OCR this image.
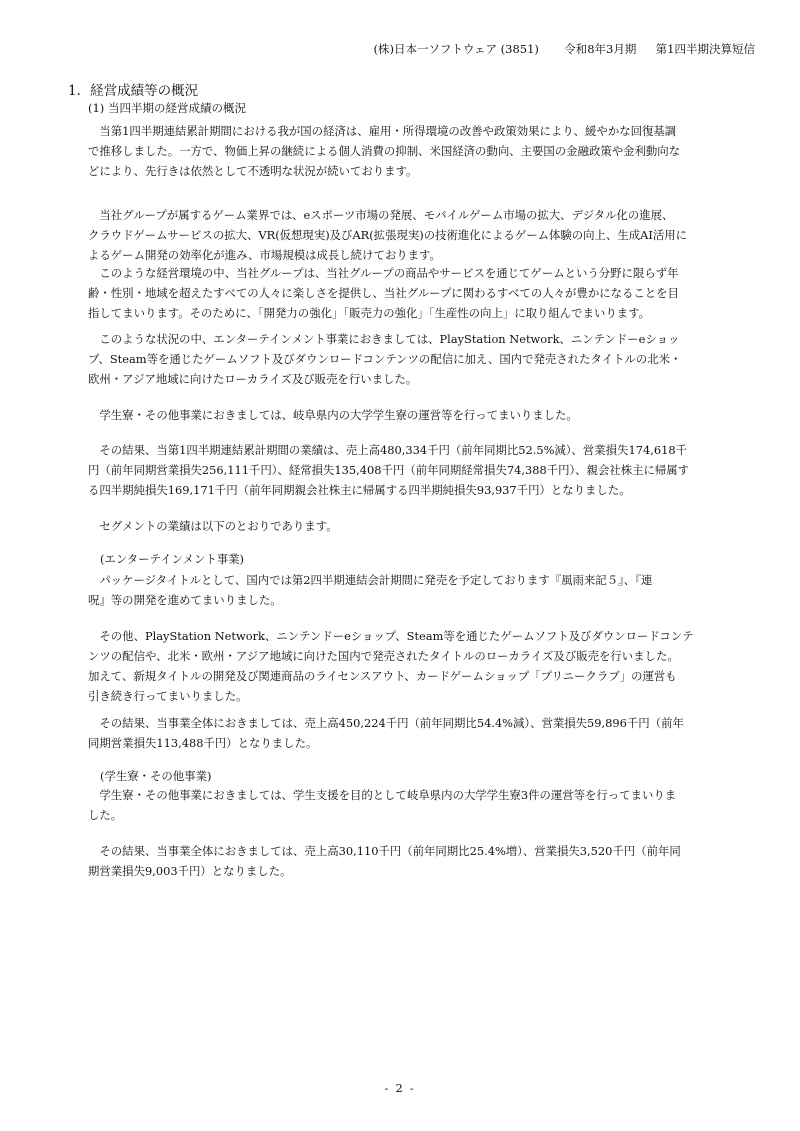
(株)日本一ソフトウェア (3851) 令和8年3月期 第1四半期決算短信
1．経営成績等の概況
(1) 当四半期の経営成績の概況

当第1四半期連結累計期間における我が国の経済は、雇用・所得環境の改善や政策効果により、緩やかな回復基調
で推移しました。一方で、物価上昇の継続による個人消費の抑制、米国経済の動向、主要国の金融政策や金利動向な
どにより、先行きは依然として不透明な状況が続いております。

当社グループが属するゲーム業界では、eスポーツ市場の発展、モバイルゲーム市場の拡大、デジタル化の進展、
クラウドゲームサービスの拡大、VR(仮想現実)及びAR(拡張現実)の技術進化によるゲーム体験の向上、生成AI活用に
よるゲーム開発の効率化が進み、市場規模は成長し続けております。

このような経営環境の中、当社グループは、当社グループの商品やサービスを通じてゲームという分野に限らず年
齢・性別・地域を超えたすべての人々に楽しさを提供し、当社グループに関わるすべての人々が豊かになることを目
指してまいります。そのために、「開発力の強化」「販売力の強化」「生産性の向上」に取り組んでまいります。

このような状況の中、エンターテインメント事業におきましては、PlayStation Network、ニンテンドーeショッ
プ、Steam等を通じたゲームソフト及びダウンロードコンテンツの配信に加え、国内で発売されたタイトルの北米・
欧州・アジア地域に向けたローカライズ及び販売を行いました。

学生寮・その他事業におきましては、岐阜県内の大学学生寮の運営等を行ってまいりました。

その結果、当第1四半期連結累計期間の業績は、売上高480,334千円（前年同期比52.5%減）、営業損失174,618千
円（前年同期営業損失256,111千円）、経常損失135,408千円（前年同期経常損失74,388千円）、親会社株主に帰属す
る四半期純損失169,171千円（前年同期親会社株主に帰属する四半期純損失93,937千円）となりました。

セグメントの業績は以下のとおりであります。

(エンターテインメント事業)

パッケージタイトルとして、国内では第2四半期連結会計期間に発売を予定しております『風雨来記５』、『連
呪』等の開発を進めてまいりました。

その他、PlayStation Network、ニンテンドーeショップ、Steam等を通じたゲームソフト及びダウンロードコンテ
ンツの配信や、北米・欧州・アジア地域に向けた国内で発売されたタイトルのローカライズ及び販売を行いました。
加えて、新規タイトルの開発及び関連商品のライセンスアウト、カードゲームショップ「プリニークラブ」の運営も
引き続き行ってまいりました。

その結果、当事業全体におきましては、売上高450,224千円（前年同期比54.4%減）、営業損失59,896千円（前年
同期営業損失113,488千円）となりました。

(学生寮・その他事業)

学生寮・その他事業におきましては、学生支援を目的として岐阜県内の大学学生寮3件の運営等を行ってまいりま
した。

その結果、当事業全体におきましては、売上高30,110千円（前年同期比25.4%増）、営業損失3,520千円（前年同
期営業損失9,003千円）となりました。

- 2 -
